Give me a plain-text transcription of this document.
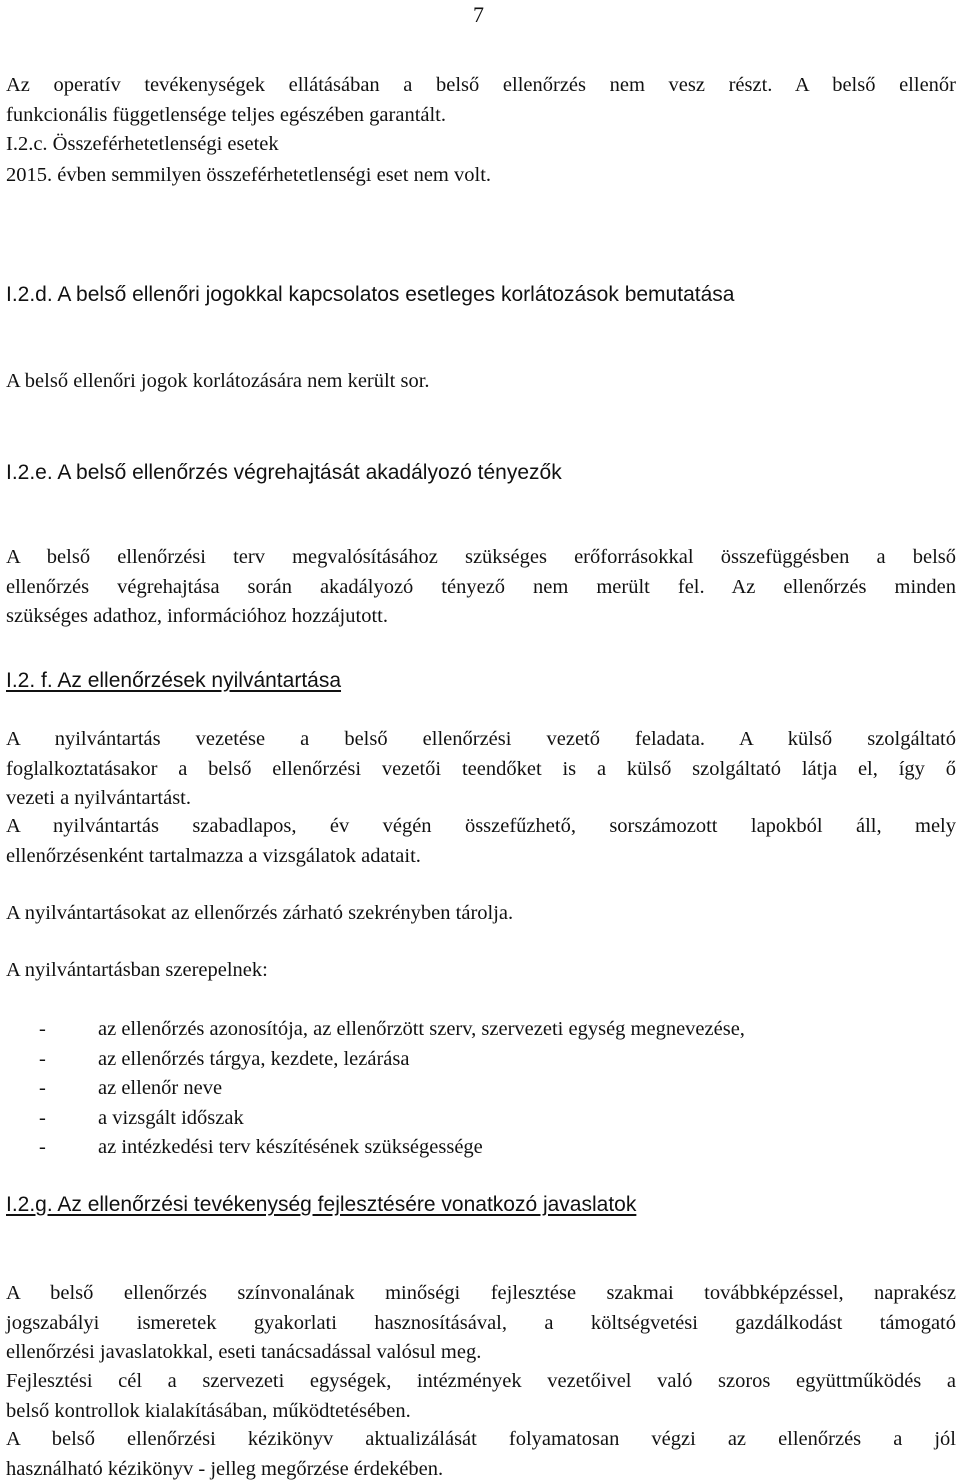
7
Az operatív tevékenységek ellátásában a belső ellenőrzés nem vesz részt. A belső ellenőr
funkcionális függetlensége teljes egészében garantált.
I.2.c. Összeférhetetlenségi esetek
2015. évben semmilyen összeférhetetlenségi eset nem volt.
I.2.d. A belső ellenőri jogokkal kapcsolatos esetleges korlátozások bemutatása
A belső ellenőri jogok korlátozására nem került sor.
I.2.e. A belső ellenőrzés végrehajtását akadályozó tényezők
A belső ellenőrzési terv megvalósításához szükséges erőforrásokkal összefüggésben a belső
ellenőrzés végrehajtása során akadályozó tényező nem merült fel. Az ellenőrzés minden
szükséges adathoz, információhoz hozzájutott.
I.2. f. Az ellenőrzések nyilvántartása
A nyilvántartás vezetése a belső ellenőrzési vezető feladata. A külső szolgáltató
foglalkoztatásakor a belső ellenőrzési vezetői teendőket is a külső szolgáltató látja el, így ő
vezeti a nyilvántartást.
A nyilvántartás szabadlapos, év végén összefűzhető, sorszámozott lapokból áll, mely
ellenőrzésenként tartalmazza a vizsgálatok adatait.
A nyilvántartásokat az ellenőrzés zárható szekrényben tárolja.
A nyilvántartásban szerepelnek:
-	az ellenőrzés azonosítója, az ellenőrzött szerv, szervezeti egység megnevezése,
-	az ellenőrzés tárgya, kezdete, lezárása
-	az ellenőr neve
-	a vizsgált időszak
-	az intézkedési terv készítésének szükségessége
I.2.g. Az ellenőrzési tevékenység fejlesztésére vonatkozó javaslatok
A belső ellenőrzés színvonalának minőségi fejlesztése szakmai továbbképzéssel, naprakész
jogszabályi ismeretek gyakorlati hasznosításával, a költségvetési gazdálkodást támogató
ellenőrzési javaslatokkal, eseti tanácsadással valósul meg.
Fejlesztési cél a szervezeti egységek, intézmények vezetőivel való szoros együttműködés a
belső kontrollok kialakításában, működtetésében.
A belső ellenőrzési kézikönyv aktualizálását folyamatosan végzi az ellenőrzés a jól
használható kézikönyv - jelleg megőrzése érdekében.
